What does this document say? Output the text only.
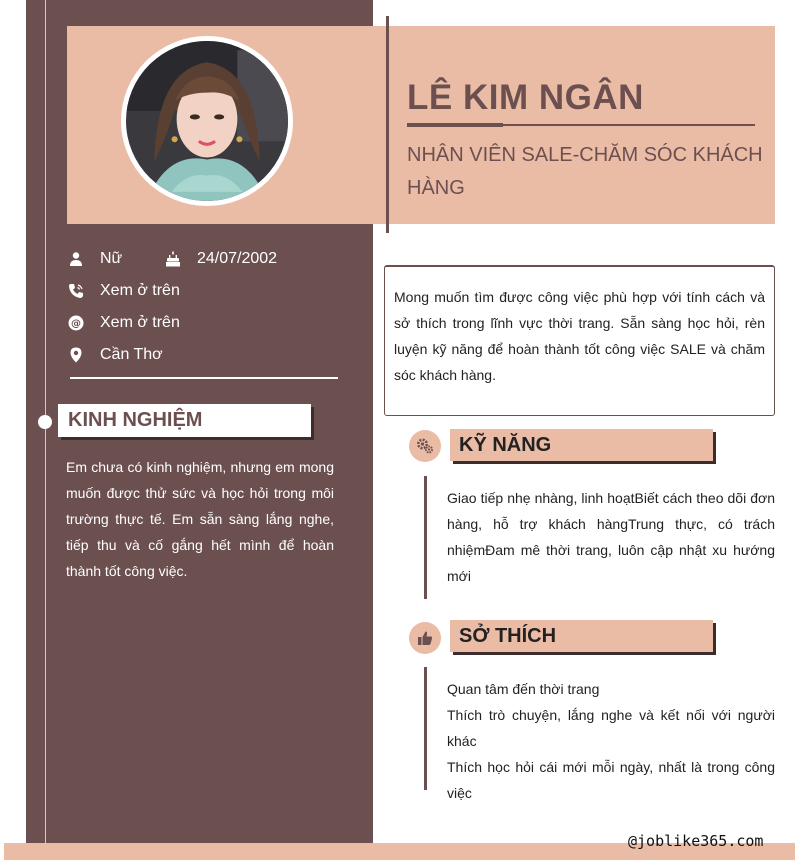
@joblike365.com
LÊ KIM NGÂN
NHÂN VIÊN SALE-CHĂM SÓC KHÁCH HÀNG
Nữ	24/07/2002
Xem ở trên
@ Xem ở trên
Cần Thơ
KINH NGHIỆM
Em chưa có kinh nghiệm, nhưng em mong muốn được thử sức và học hỏi trong môi trường thực tế. Em sẵn sàng lắng nghe, tiếp thu và cố gắng hết mình để hoàn thành tốt công việc.
Mong muốn tìm được công việc phù hợp với tính cách và sở thích trong lĩnh vực thời trang. Sẵn sàng học hỏi, rèn luyện kỹ năng để hoàn thành tốt công việc SALE và chăm sóc khách hàng.
KỸ NĂNG
Giao tiếp nhẹ nhàng, linh hoạtBiết cách theo dõi đơn hàng, hỗ trợ khách hàngTrung thực, có trách nhiệmĐam mê thời trang, luôn cập nhật xu hướng mới
SỞ THÍCH
Quan tâm đến thời trang
Thích trò chuyện, lắng nghe và kết nối với người khác
Thích học hỏi cái mới mỗi ngày, nhất là trong công việc
